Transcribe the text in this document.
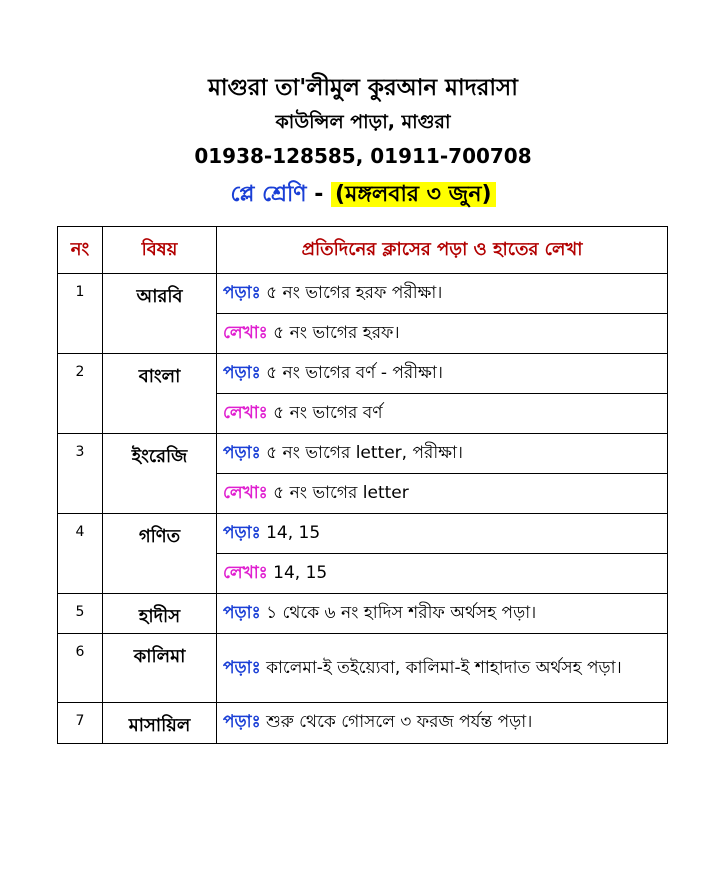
মাগুরা তা'লীমুল কুরআন মাদরাসা
কাউন্সিল পাড়া, মাগুরা
01938-128585, 01911-700708
প্লে শ্রেণি - (মঙ্গলবার ৩ জুন)
নং	বিষয়	প্রতিদিনের ক্লাসের পড়া ও হাতের লেখা
1	আরবি	পড়াঃ ৫ নং ভাগের হরফ পরীক্ষা।
		লেখাঃ ৫ নং ভাগের হরফ।
2	বাংলা	পড়াঃ ৫ নং ভাগের বর্ণ - পরীক্ষা।
		লেখাঃ ৫ নং ভাগের বর্ণ
3	ইংরেজি	পড়াঃ ৫ নং ভাগের letter, পরীক্ষা।
		লেখাঃ ৫ নং ভাগের letter
4	গণিত	পড়াঃ 14, 15
		লেখাঃ 14, 15
5	হাদীস	পড়াঃ ১ থেকে ৬ নং হাদিস শরীফ অর্থসহ পড়া।
6	কালিমা	পড়াঃ কালেমা-ই তইয়্যেবা, কালিমা-ই শাহাদাত অর্থসহ পড়া।
7	মাসায়িল	পড়াঃ শুরু থেকে গোসলে ৩ ফরজ পর্যন্ত পড়া।
